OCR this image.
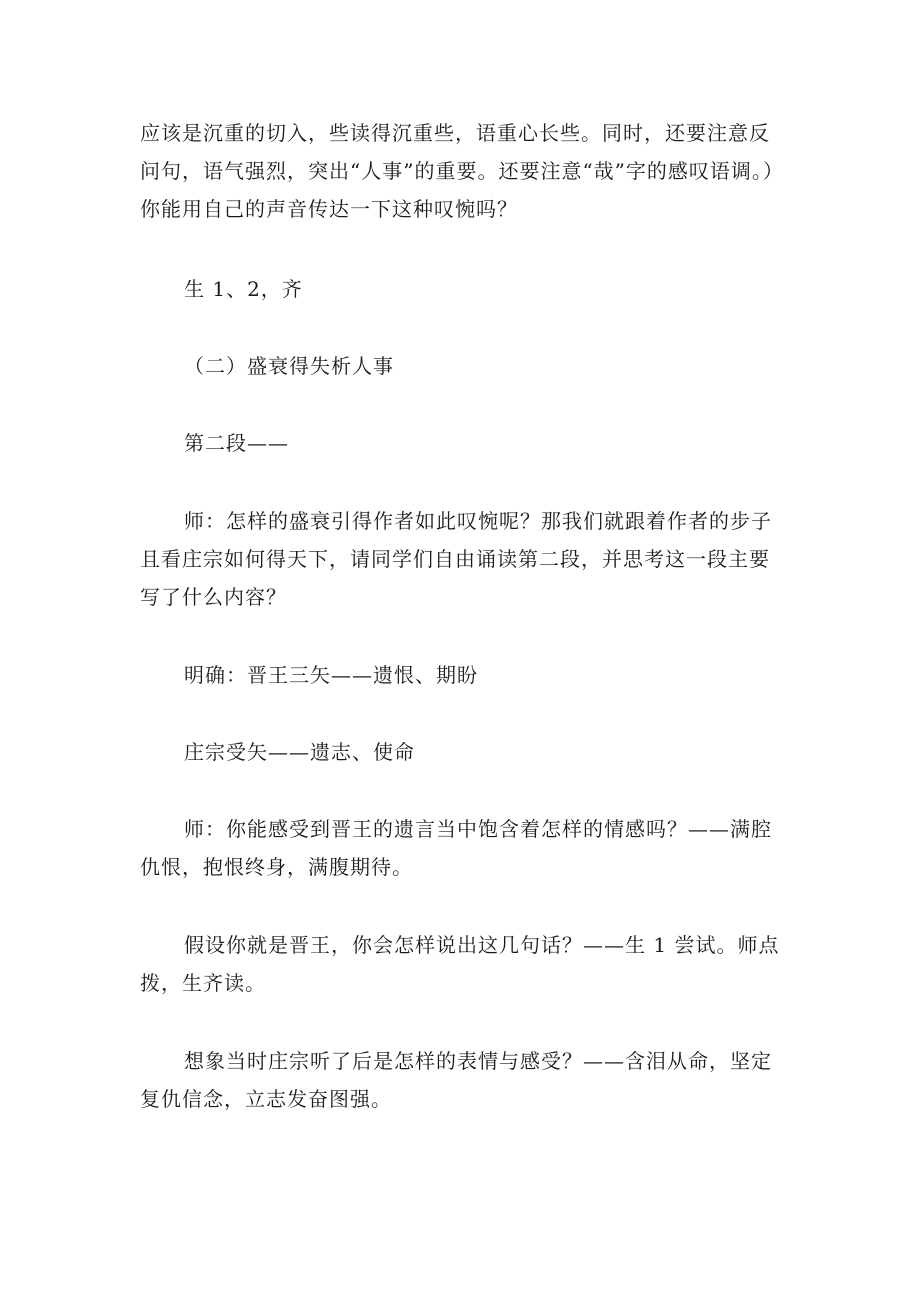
应该是沉重的切入，些读得沉重些，语重心长些。同时，还要注意反问句，语气强烈，突出“人事”的重要。还要注意“哉”字的感叹语调。）你能用自己的声音传达一下这种叹惋吗？

生 1、2，齐

（二）盛衰得失析人事

第二段——

师：怎样的盛衰引得作者如此叹惋呢？那我们就跟着作者的步子且看庄宗如何得天下，请同学们自由诵读第二段，并思考这一段主要写了什么内容？

明确：晋王三矢——遗恨、期盼

庄宗受矢——遗志、使命

师：你能感受到晋王的遗言当中饱含着怎样的情感吗？——满腔仇恨，抱恨终身，满腹期待。

假设你就是晋王，你会怎样说出这几句话？——生 1 尝试。师点拨，生齐读。

想象当时庄宗听了后是怎样的表情与感受？——含泪从命，坚定复仇信念，立志发奋图强。
